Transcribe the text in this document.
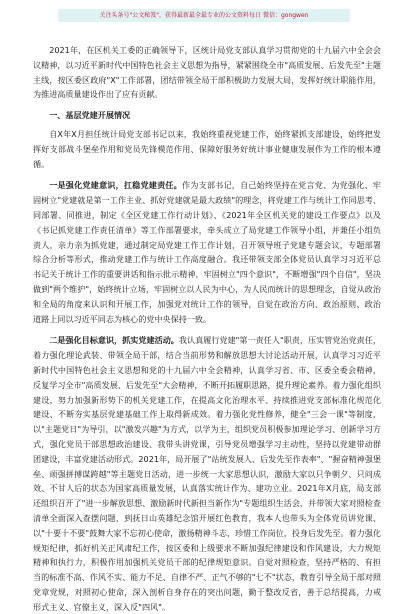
关注头条号"公文秘笈"，获得最新最全最专业的公文资料每日 微信：gongwen

2021年，在区机关工委的正确领导下，区统计局党支部认真学习贯彻党的十九届六中全会会议精神，以习近平新时代中国特色社会主义思想为指导，紧紧围绕全市"高质发展、后发先至"主题主线，按区委区政府"X"工作部署，团结带领全局干部积极助力发展大局，发挥好统计职能作用，为推进高质量建设作出了应有贡献。

一、基层党建开展情况

自X年X月担任统计局党支部书记以来，我始终重视党建工作，始终紧抓支部建设，始终把发挥好支部战斗堡垒作用和党员先锋模范作用、保障好服务好统计事业健康发展作为工作的根本遵循。

一是强化党建意识，扛稳党建责任。作为支部书记，自己始终坚持在党言党、为党强化、牢固树立"党建就是第一工作主业、抓好党建就是最大政绩"的理念，将党建工作与统计工作同思考、同部署、同推进，制定《全区党建工作行动计划》、《2021年全区机关党的建设工作要点》以及《书记抓党建工作责任清单》等工作部署要求，牵头成立了局党建工作领导小组，并兼任小组负责人，亲力亲为抓党建，通过制定局党建工作工作计划，召开领导班子党建专题会议，专题部署综合分析等形式，推动党建工作与统计工作高度融合。我还带领支部全体党员认真学习习近平总书记关于统计工作的重要讲话和指示批示精神，牢固树立"四个意识"，不断增强"四个自信"，坚决做到"两个维护"，始终统计立场，牢固树立以人民为中心，为人民而统计的思想理念，自觉从政治和全局的角度来认识和开展工作，加强党对统计工作的领导，自觉在政治方向、政治原则、政治道路上同以习近平同志为核心的党中央保持一致。

二是强化目标意识，抓实党建活动。我认真履行党建"第一责任人"职责，压实管党治党责任，着力强化理论武装、带领全局干部，结合当前形势和解放思想大讨论活动开展，认真学习习近平新时代中国特色社会主义思想和党的十九届六中全会精神，认真学习省、市、区委全委会精神，反复学习全市"高质发展、后发先至"大会精神，不断开拓履职思路，提升理论素养。着力强化组织建设，努力加强新形势下的机关党建工作，在提高文化治理水平、持续推进党支部标准化规范化建设、不断夯实基层党建基础工作上取得新成效。着力强化党性修养，健全"三会一课"等制度，以"主题党日"为导引，以"激发兴趣"为方式，以学为主，组织党员积极参加理论学习、创新学习方式，强化党员干部思想政治建设、我带头讲党课，引导党员增强学习主动性，坚持以党建带动群团建设，丰富党建活动形式。2021年，局开展了"站统发展人、后发先至作表率"、"握奋精神强堡垒、顽强拼搏谋跨越"等主题党日活动，进一步统一大家思想认识，激励大家以只争朝夕、只问成效、不甘人后的状态为国家高质量发展，认真落实统计作为、建功立业。2021年X月底，局支部还组织召开了"进一步解放思想、激励新时代新担当新作为"专题组织生活会，并带领大家对照检查清单全面深入查摆问题，到抚日山英雄纪念馆开展红色教育，我本人也带头为全体党员讲党课、以"十要十不要"鼓舞大家不忘初心使命，激扬精神斗志，珍惜工作岗位，投身后发先至。着力强化规矩纪律，抓好机关正风肃纪工作，按区委和上级要求不断加强纪律建设和作风建设，大力规矩精神和执行力，积极作用加强机关党员干部的纪律规矩意识。自觉对照检查，坚持严格的、有担当的标准不高、作风不实、能力不足、自律不严、正气不够的"七不"状态，教育引导全局干部对照党章党规，对照初心使命，深入剖析自身存在的突出问题，勤于整改反省，善于总结提高，力戒形式主义、官僚主义，深入反"四风"。
